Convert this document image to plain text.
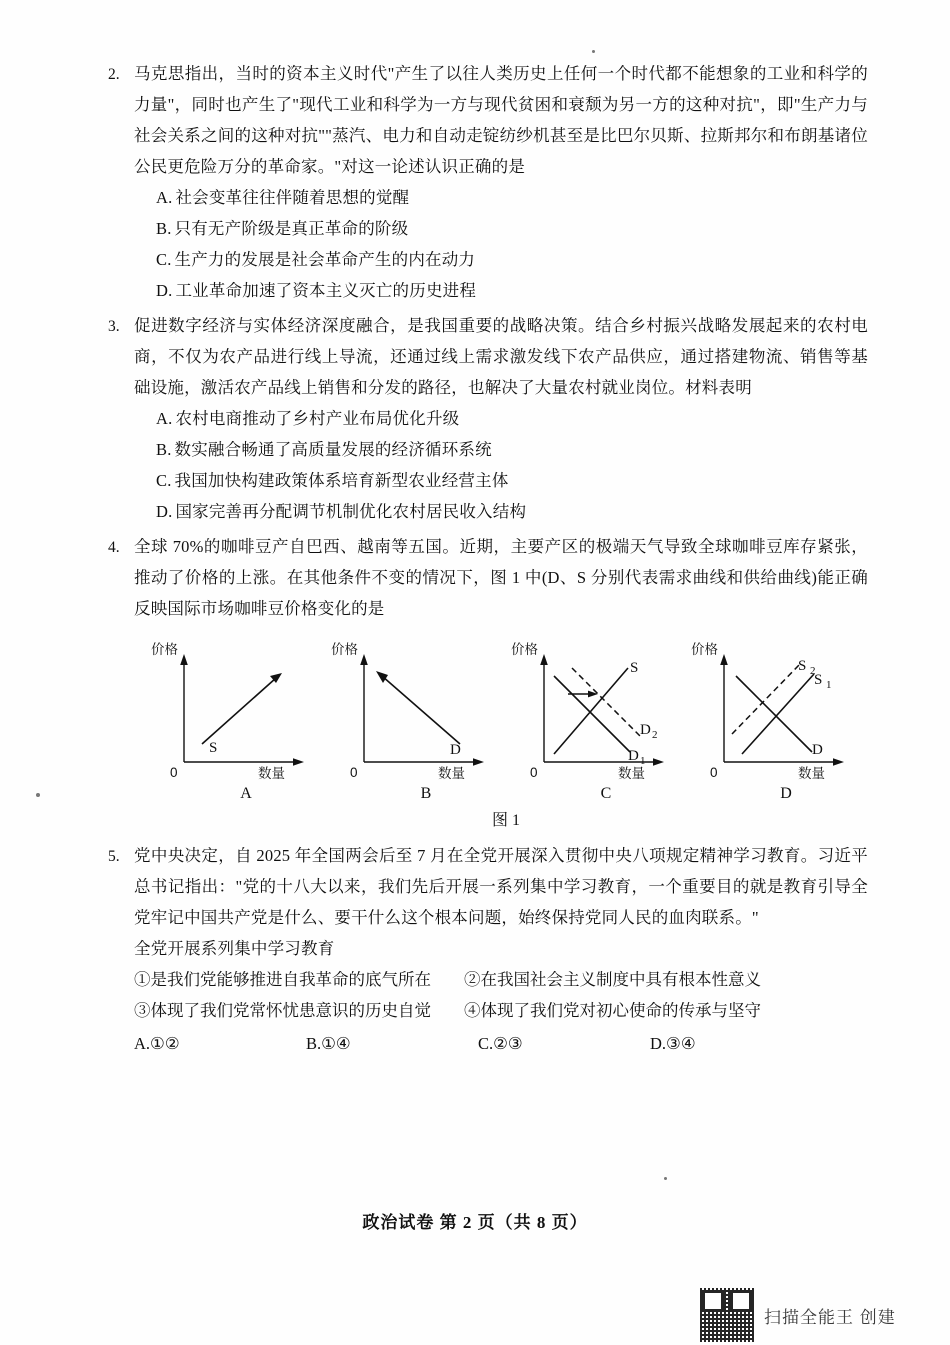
2. 马克思指出，当时的资本主义时代"产生了以往人类历史上任何一个时代都不能想象的工业和科学的力量"，同时也产生了"现代工业和科学为一方与现代贫困和衰颓为另一方的这种对抗"，即"生产力与社会关系之间的这种对抗""蒸汽、电力和自动走锭纺纱机甚至是比巴尔贝斯、拉斯邦尔和布朗基诸位公民更危险万分的革命家。"对这一论述认识正确的是
A. 社会变革往往伴随着思想的觉醒
B. 只有无产阶级是真正革命的阶级
C. 生产力的发展是社会革命产生的内在动力
D. 工业革命加速了资本主义灭亡的历史进程
3. 促进数字经济与实体经济深度融合，是我国重要的战略决策。结合乡村振兴战略发展起来的农村电商，不仅为农产品进行线上导流，还通过线上需求激发线下农产品供应，通过搭建物流、销售等基础设施，激活农产品线上销售和分发的路径，也解决了大量农村就业岗位。材料表明
A. 农村电商推动了乡村产业布局优化升级
B. 数实融合畅通了高质量发展的经济循环系统
C. 我国加快构建政策体系培育新型农业经营主体
D. 国家完善再分配调节机制优化农村居民收入结构
4. 全球 70%的咖啡豆产自巴西、越南等五国。近期，主要产区的极端天气导致全球咖啡豆库存紧张，推动了价格的上涨。在其他条件不变的情况下，图 1 中(D、S 分别代表需求曲线和供给曲线)能正确反映国际市场咖啡豆价格变化的是
价格
0	数量
S
A
价格
0	数量
D
B
价格
0	数量
S
D 1
D 2
C
价格
0	数量
S 1
S 2
D
D
图 1
5. 党中央决定，自 2025 年全国两会后至 7 月在全党开展深入贯彻中央八项规定精神学习教育。习近平总书记指出："党的十八大以来，我们先后开展一系列集中学习教育，一个重要目的就是教育引导全党牢记中国共产党是什么、要干什么这个根本问题，始终保持党同人民的血肉联系。"
全党开展系列集中学习教育
①是我们党能够推进自我革命的底气所在	②在我国社会主义制度中具有根本性意义
③体现了我们党常怀忧患意识的历史自觉	④体现了我们党对初心使命的传承与坚守
A.①②	B.①④	C.②③	D.③④
政治试卷 第 2 页（共 8 页）
扫描全能王 创建
